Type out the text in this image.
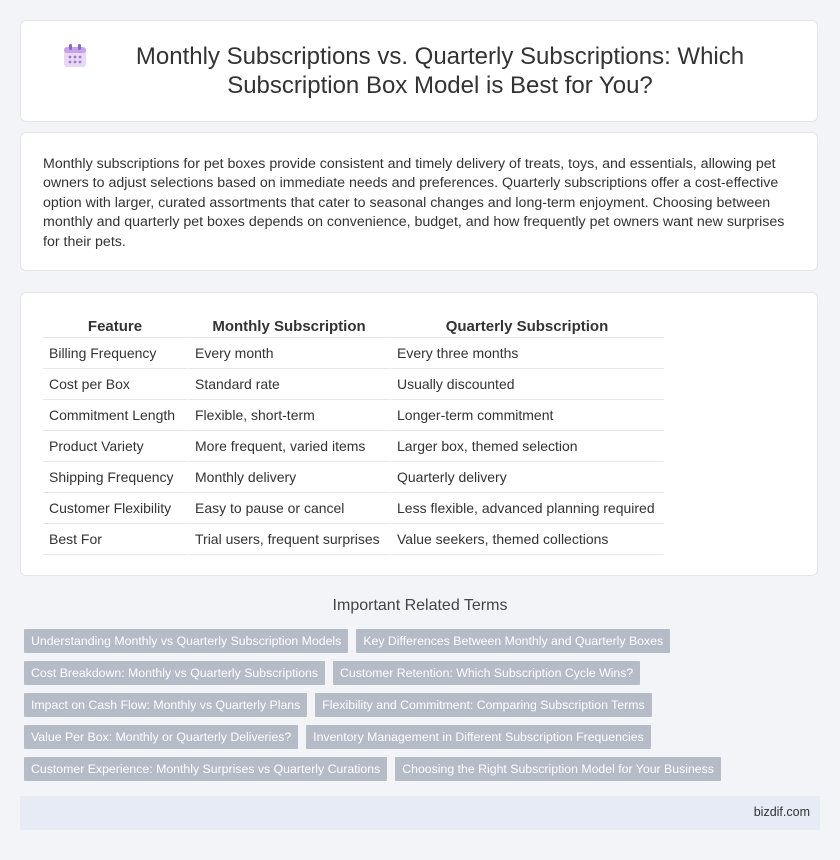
Monthly Subscriptions vs. Quarterly Subscriptions: Which Subscription Box Model is Best for You?

Monthly subscriptions for pet boxes provide consistent and timely delivery of treats, toys, and essentials, allowing pet owners to adjust selections based on immediate needs and preferences. Quarterly subscriptions offer a cost-effective option with larger, curated assortments that cater to seasonal changes and long-term enjoyment. Choosing between monthly and quarterly pet boxes depends on convenience, budget, and how frequently pet owners want new surprises for their pets.

Feature	Monthly Subscription	Quarterly Subscription
Billing Frequency	Every month	Every three months
Cost per Box	Standard rate	Usually discounted
Commitment Length	Flexible, short-term	Longer-term commitment
Product Variety	More frequent, varied items	Larger box, themed selection
Shipping Frequency	Monthly delivery	Quarterly delivery
Customer Flexibility	Easy to pause or cancel	Less flexible, advanced planning required
Best For	Trial users, frequent surprises	Value seekers, themed collections
Important Related Terms
Understanding Monthly vs Quarterly Subscription Models	Key Differences Between Monthly and Quarterly Boxes
Cost Breakdown: Monthly vs Quarterly Subscriptions	Customer Retention: Which Subscription Cycle Wins?
Impact on Cash Flow: Monthly vs Quarterly Plans	Flexibility and Commitment: Comparing Subscription Terms
Value Per Box: Monthly or Quarterly Deliveries?	Inventory Management in Different Subscription Frequencies
Customer Experience: Monthly Surprises vs Quarterly Curations	Choosing the Right Subscription Model for Your Business
bizdif.com
